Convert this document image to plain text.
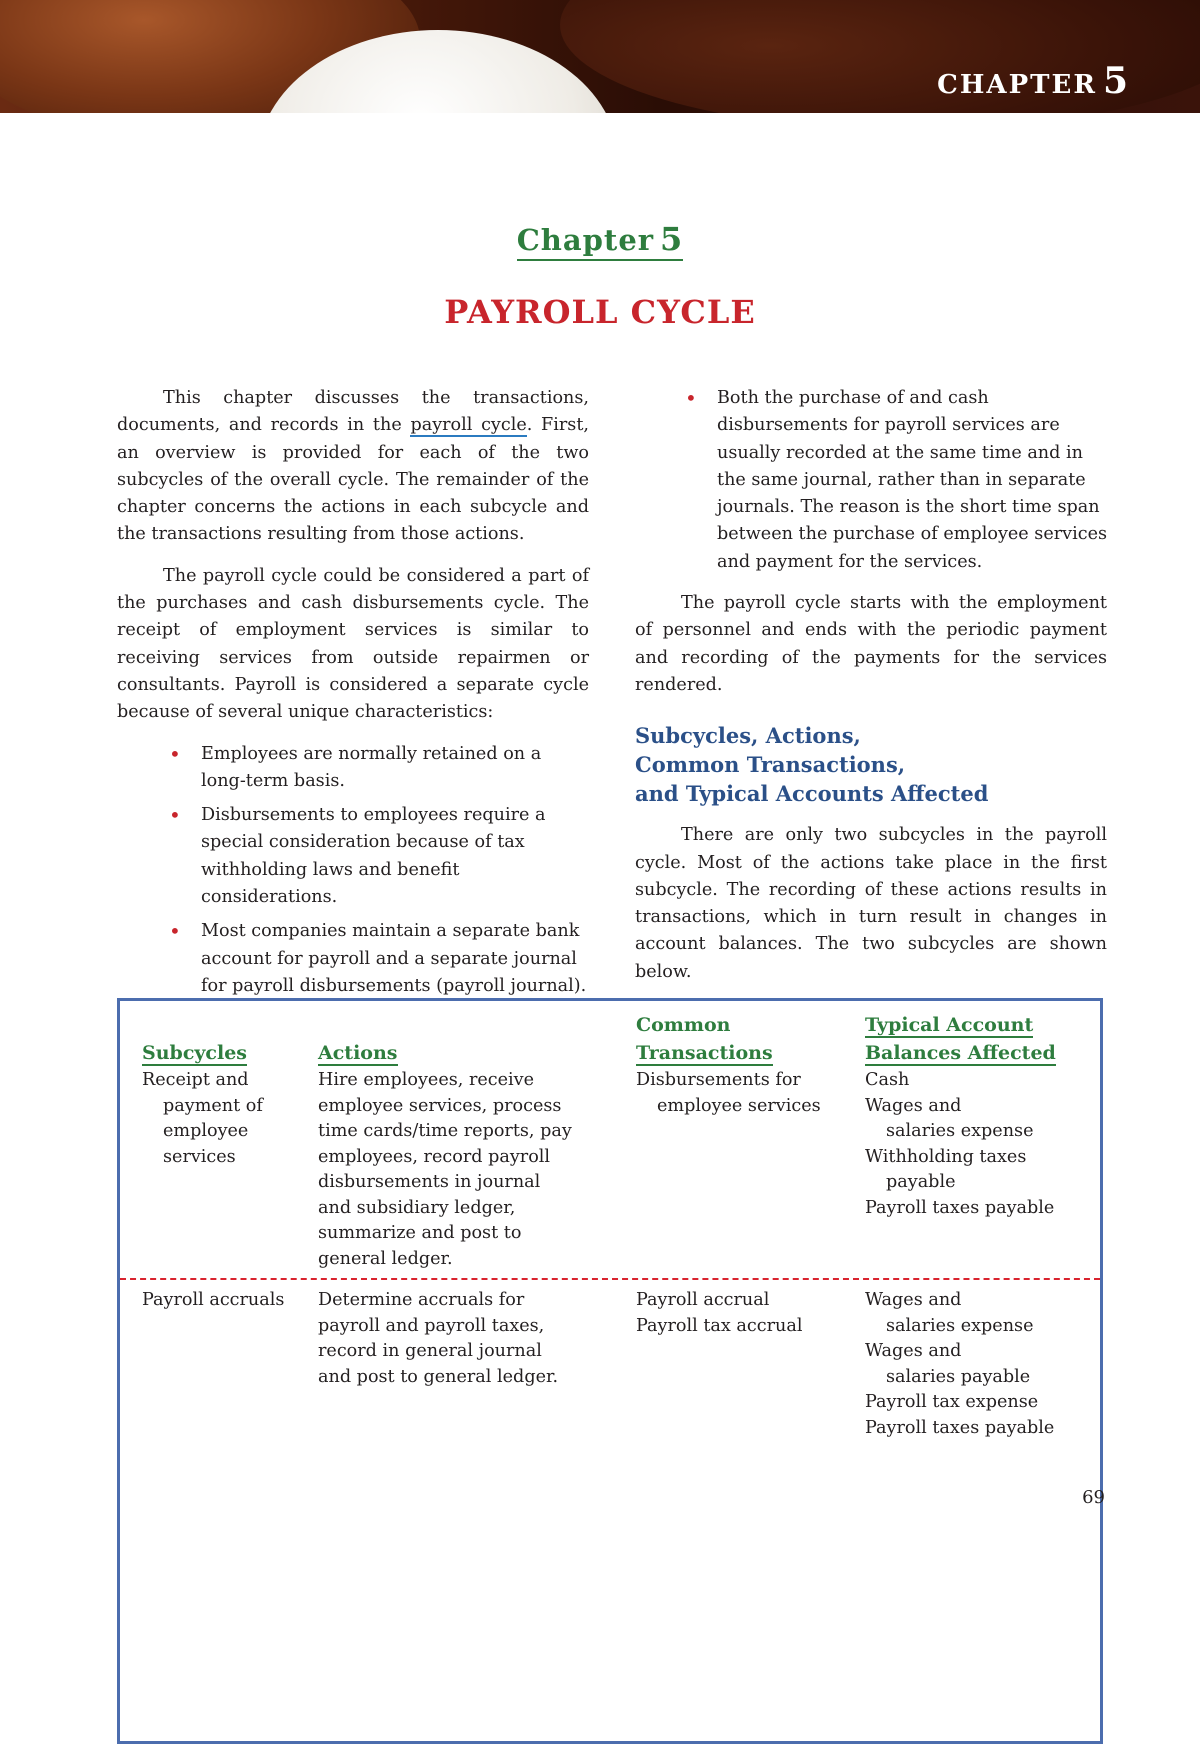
CHAPTER 5
Chapter 5
PAYROLL CYCLE

This chapter discusses the transactions, documents, and records in the payroll cycle. First, an overview is provided for each of the two subcycles of the overall cycle. The remainder of the chapter concerns the actions in each subcycle and the transactions resulting from those actions.

The payroll cycle could be considered a part of the purchases and cash disbursements cycle. The receipt of employment services is similar to receiving services from outside repairmen or consultants. Payroll is considered a separate cycle because of several unique characteristics:

• Employees are normally retained on a long-term basis.
• Disbursements to employees require a special consideration because of tax withholding laws and benefit considerations.
• Most companies maintain a separate bank account for payroll and a separate journal for payroll disbursements (payroll journal).
• Both the purchase of and cash disbursements for payroll services are usually recorded at the same time and in the same journal, rather than in separate journals. The reason is the short time span between the purchase of employee services and payment for the services.

The payroll cycle starts with the employment of personnel and ends with the periodic payment and recording of the payments for the services rendered.

Subcycles, Actions,
Common Transactions,
and Typical Accounts Affected

There are only two subcycles in the payroll cycle. Most of the actions take place in the first subcycle. The recording of these actions results in transactions, which in turn result in changes in account balances. The two subcycles are shown below.

Subcycles	Actions
Common
Transactions
Typical Account
Balances Affected
Receipt and
payment of
employee
services
Hire employees, receive
employee services, process
time cards/time reports, pay
employees, record payroll
disbursements in journal
and subsidiary ledger,
summarize and post to
general ledger.
Disbursements for
employee services
Cash
Wages and
salaries expense
Withholding taxes
payable
Payroll taxes payable
Payroll accruals Determine accruals for
payroll and payroll taxes,
record in general journal
and post to general ledger.
Payroll accrual
Payroll tax accrual
Wages and
salaries expense
Wages and
salaries payable
Payroll tax expense
Payroll taxes payable
69
